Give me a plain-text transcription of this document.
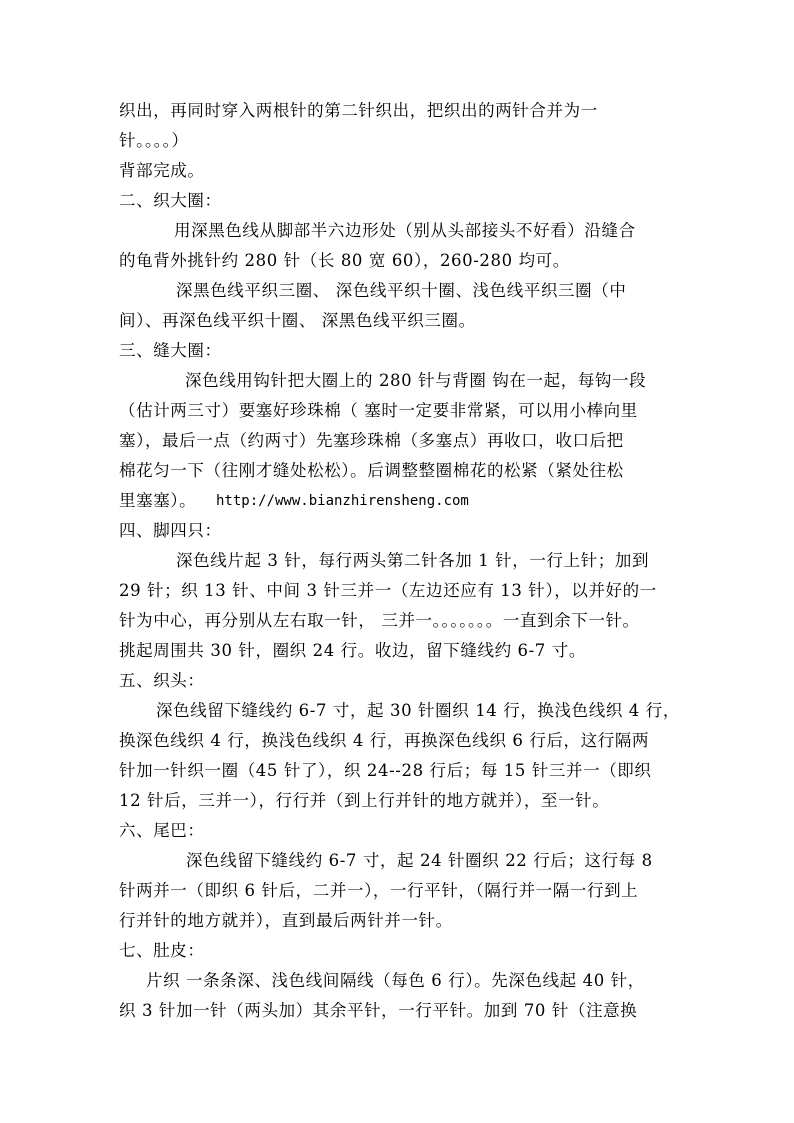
织出，再同时穿入两根针的第二针织出，把织出的两针合并为一
针。。。。）
背部完成。
二、织大圈：
用深黑色线从脚部半六边形处（别从头部接头不好看）沿缝合
的龟背外挑针约 280 针（长 80 宽 60），260-280 均可。
深黑色线平织三圈、 深色线平织十圈、浅色线平织三圈（中
间）、再深色线平织十圈、 深黑色线平织三圈。
三、缝大圈：
深色线用钩针把大圈上的 280 针与背圈 钩在一起，每钩一段
（估计两三寸）要塞好珍珠棉（ 塞时一定要非常紧，可以用小棒向里
塞），最后一点（约两寸）先塞珍珠棉（多塞点）再收口，收口后把
棉花匀一下（往刚才缝处松松）。后调整整圈棉花的松紧（紧处往松
里塞塞）。 http://www.bianzhirensheng.com
四、脚四只：
深色线片起 3 针，每行两头第二针各加 1 针，一行上针；加到
29 针；织 13 针、中间 3 针三并一（左边还应有 13 针），以并好的一
针为中心，再分别从左右取一针， 三并一。。。。。。。一直到余下一针。
挑起周围共 30 针，圈织 24 行。收边，留下缝线约 6-7 寸。
五、织头：
深色线留下缝线约 6-7 寸，起 30 针圈织 14 行，换浅色线织 4 行，
换深色线织 4 行，换浅色线织 4 行，再换深色线织 6 行后，这行隔两
针加一针织一圈（45 针了），织 24--28 行后；每 15 针三并一（即织
12 针后，三并一），行行并（到上行并针的地方就并），至一针。
六、尾巴：
深色线留下缝线约 6-7 寸，起 24 针圈织 22 行后；这行每 8
针两并一（即织 6 针后，二并一），一行平针，（隔行并一隔一行到上
行并针的地方就并），直到最后两针并一针。
七、肚皮：
片织 一条条深、浅色线间隔线（每色 6 行）。先深色线起 40 针，
织 3 针加一针（两头加）其余平针，一行平针。加到 70 针（注意换
